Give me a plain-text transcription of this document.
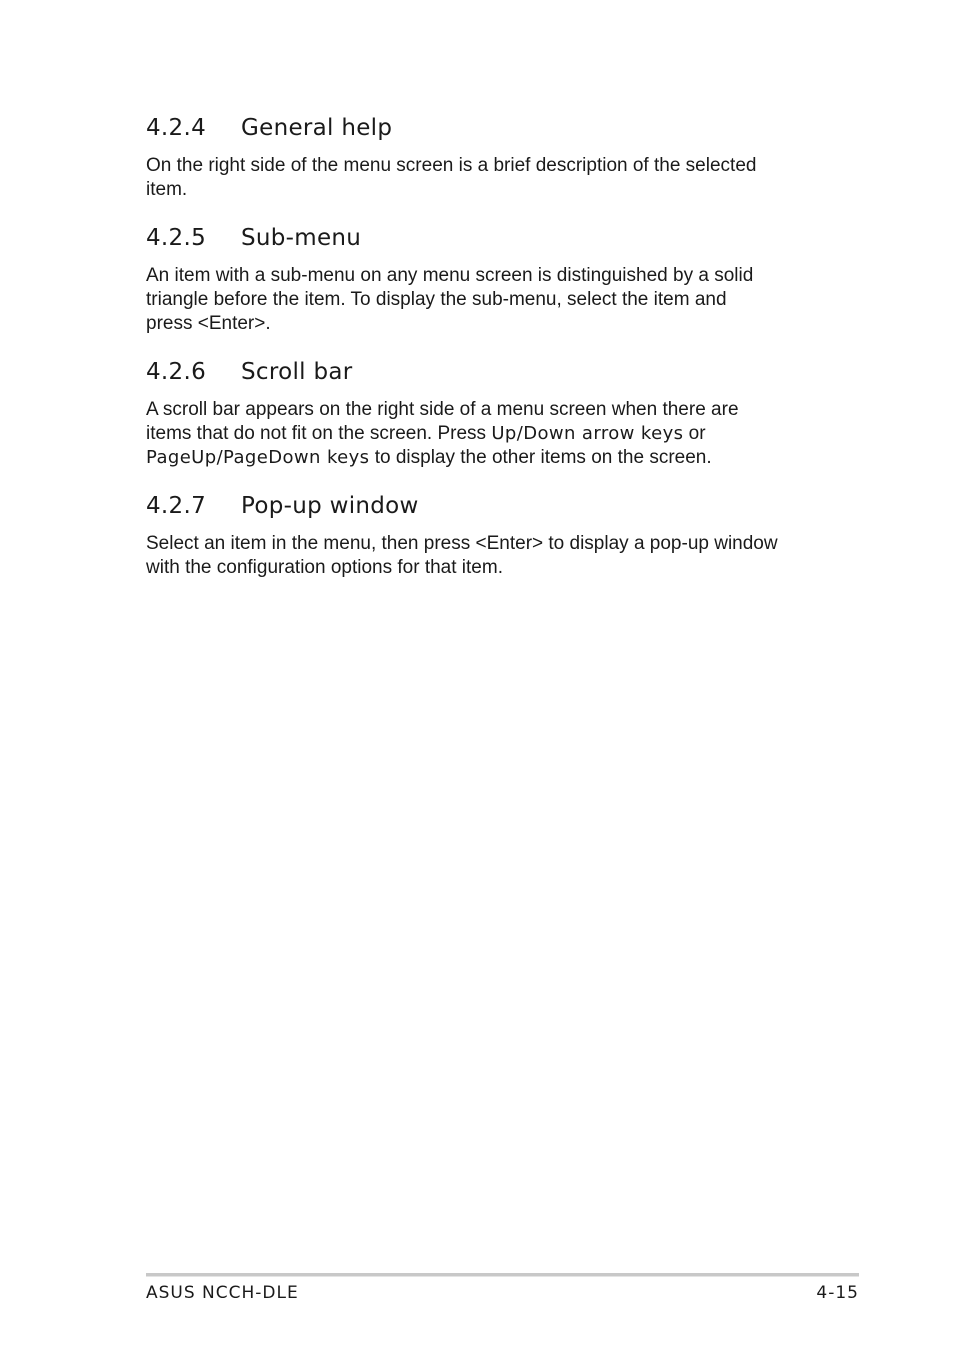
4.2.4 General help

On the right side of the menu screen is a brief description of the selected
item.

4.2.5 Sub-menu

An item with a sub-menu on any menu screen is distinguished by a solid
triangle before the item. To display the sub-menu, select the item and
press <Enter>.

4.2.6 Scroll bar

A scroll bar appears on the right side of a menu screen when there are
items that do not fit on the screen. Press Up/Down arrow keys or
PageUp/PageDown keys to display the other items on the screen.

4.2.7 Pop-up window

Select an item in the menu, then press <Enter> to display a pop-up window
with the configuration options for that item.

ASUS NCCH-DLE	4-15
